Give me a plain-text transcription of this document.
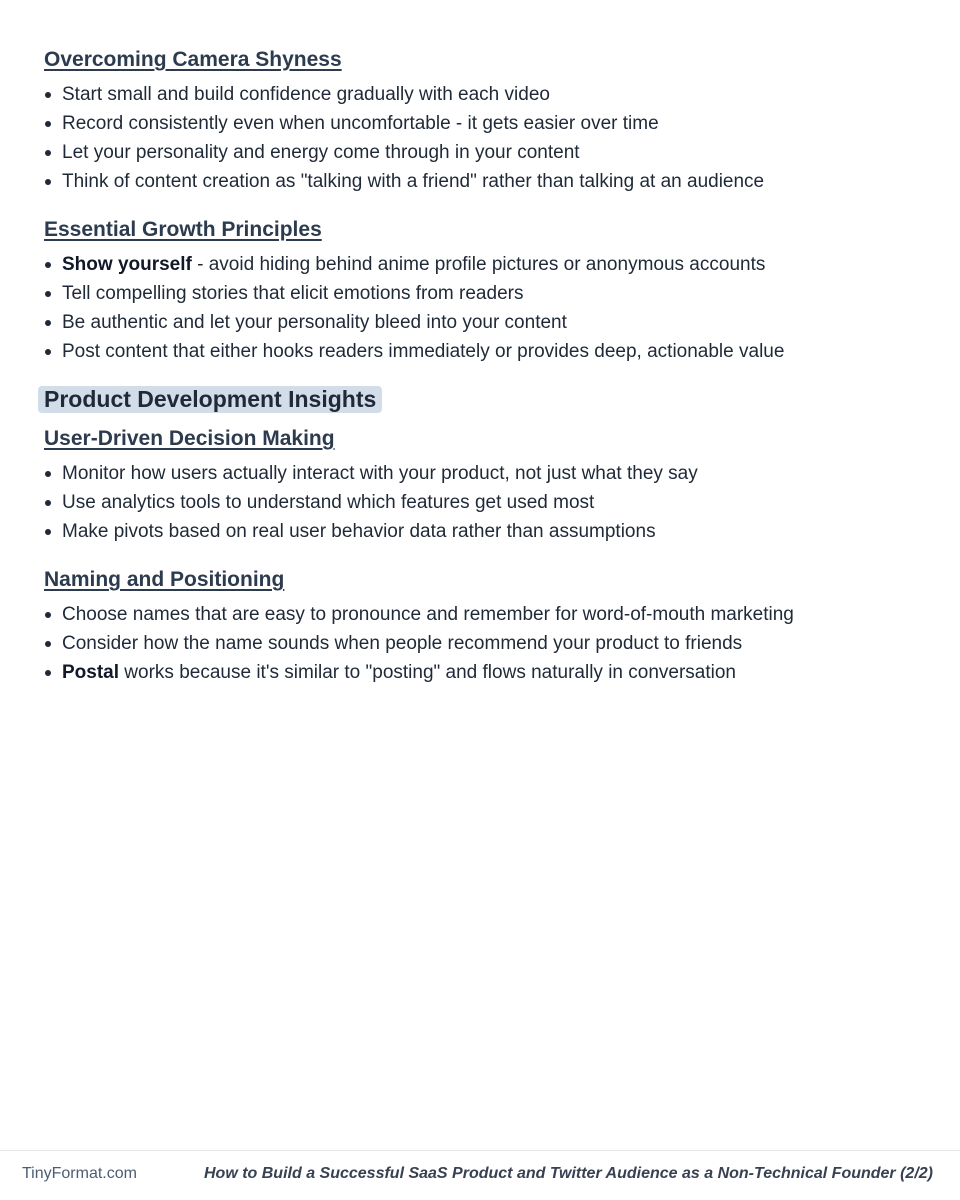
Overcoming Camera Shyness
Start small and build confidence gradually with each video
Record consistently even when uncomfortable - it gets easier over time
Let your personality and energy come through in your content
Think of content creation as "talking with a friend" rather than talking at an audience
Essential Growth Principles
Show yourself - avoid hiding behind anime profile pictures or anonymous accounts
Tell compelling stories that elicit emotions from readers
Be authentic and let your personality bleed into your content
Post content that either hooks readers immediately or provides deep, actionable value
Product Development Insights
User-Driven Decision Making
Monitor how users actually interact with your product, not just what they say
Use analytics tools to understand which features get used most
Make pivots based on real user behavior data rather than assumptions
Naming and Positioning
Choose names that are easy to pronounce and remember for word-of-mouth marketing
Consider how the name sounds when people recommend your product to friends
Postal works because it's similar to "posting" and flows naturally in conversation
TinyFormat.com	How to Build a Successful SaaS Product and Twitter Audience as a Non-Technical Founder (2/2)
